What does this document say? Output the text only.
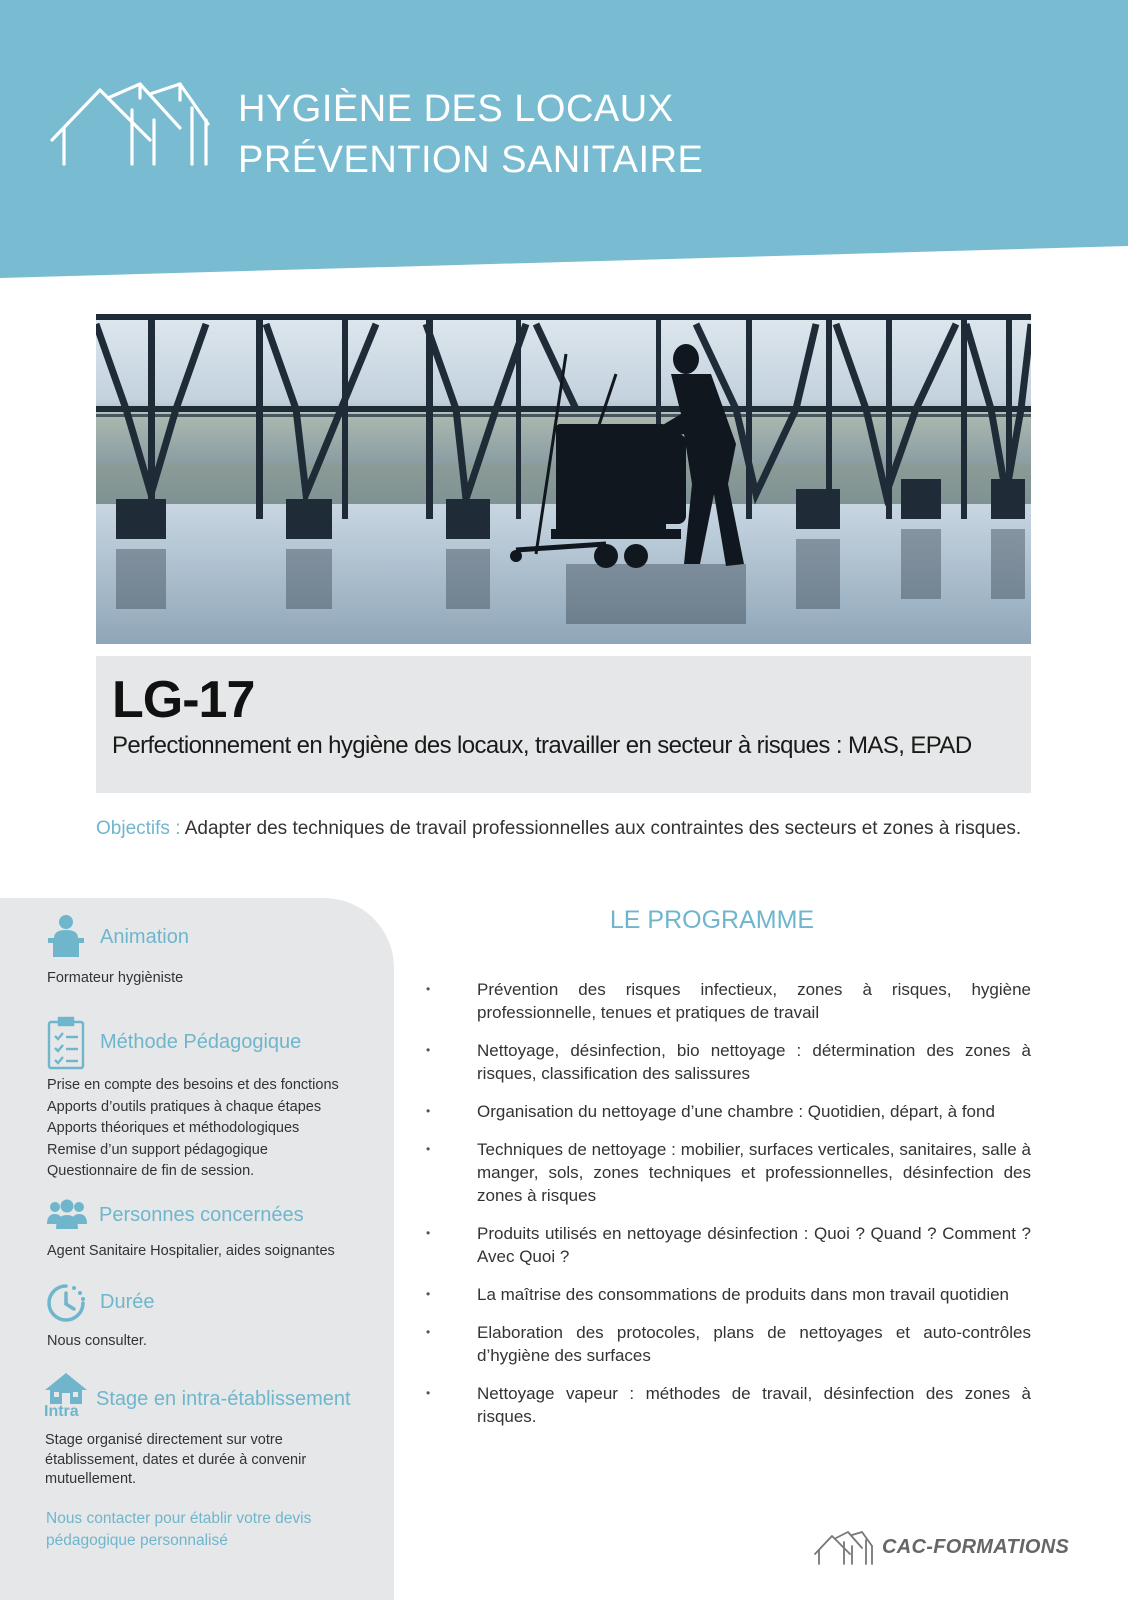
HYGIÈNE DES LOCAUX
PRÉVENTION SANITAIRE
LG-17
Perfectionnement en hygiène des locaux, travailler en secteur à risques : MAS, EPAD
Objectifs : Adapter des techniques de travail professionnelles aux contraintes des secteurs et zones à risques.
Animation
Formateur hygièniste
Méthode Pédagogique
Prise en compte des besoins et des fonctions
Apports d’outils pratiques à chaque étapes
Apports théoriques et méthodologiques
Remise d’un support pédagogique
Questionnaire de fin de session.
Personnes concernées
Agent Sanitaire Hospitalier, aides soignantes
Durée
Nous consulter.
Intra
Stage en intra-établissement
Stage organisé directement sur votre établissement, dates et durée à convenir mutuellement.
Nous contacter pour établir votre devis pédagogique personnalisé
LE PROGRAMME
• Prévention des risques infectieux, zones à risques, hygiène professionnelle, tenues et pratiques de travail
• Nettoyage, désinfection, bio nettoyage : détermination des zones à risques, classification des salissures
• Organisation du nettoyage d’une chambre : Quotidien, départ, à fond
• Techniques de nettoyage : mobilier, surfaces verticales, sanitaires, salle à manger, sols, zones techniques et professionnelles, désinfection des zones à risques
• Produits utilisés en nettoyage désinfection : Quoi ? Quand ? Comment ? Avec Quoi ?
• La maîtrise des consommations de produits dans mon travail quotidien
• Elaboration des protocoles, plans de nettoyages et auto-contrôles d’hygiène des surfaces
• Nettoyage vapeur : méthodes de travail, désinfection des zones à risques.
CAC-FORMATIONS
